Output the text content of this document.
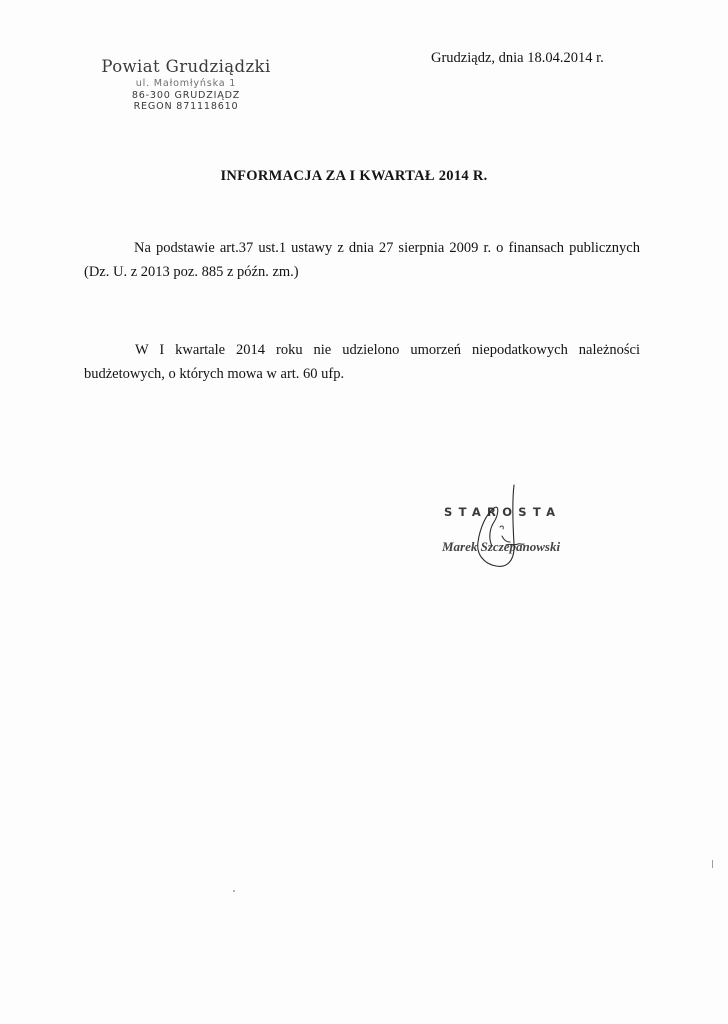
Powiat Grudziądzki
ul. Małomłyńska 1
86-300 GRUDZIĄDZ
REGON 871118610
Grudziądz, dnia 18.04.2014 r.
INFORMACJA ZA I KWARTAŁ 2014 R.
Na podstawie art.37 ust.1 ustawy z dnia 27 sierpnia 2009 r. o finansach publicznych
(Dz. U. z 2013 poz. 885 z późn. zm.)
W I kwartale 2014 roku nie udzielono umorzeń niepodatkowych należności
budżetowych, o których mowa w art. 60 ufp.
STAROSTA
Marek Szczepanowski
